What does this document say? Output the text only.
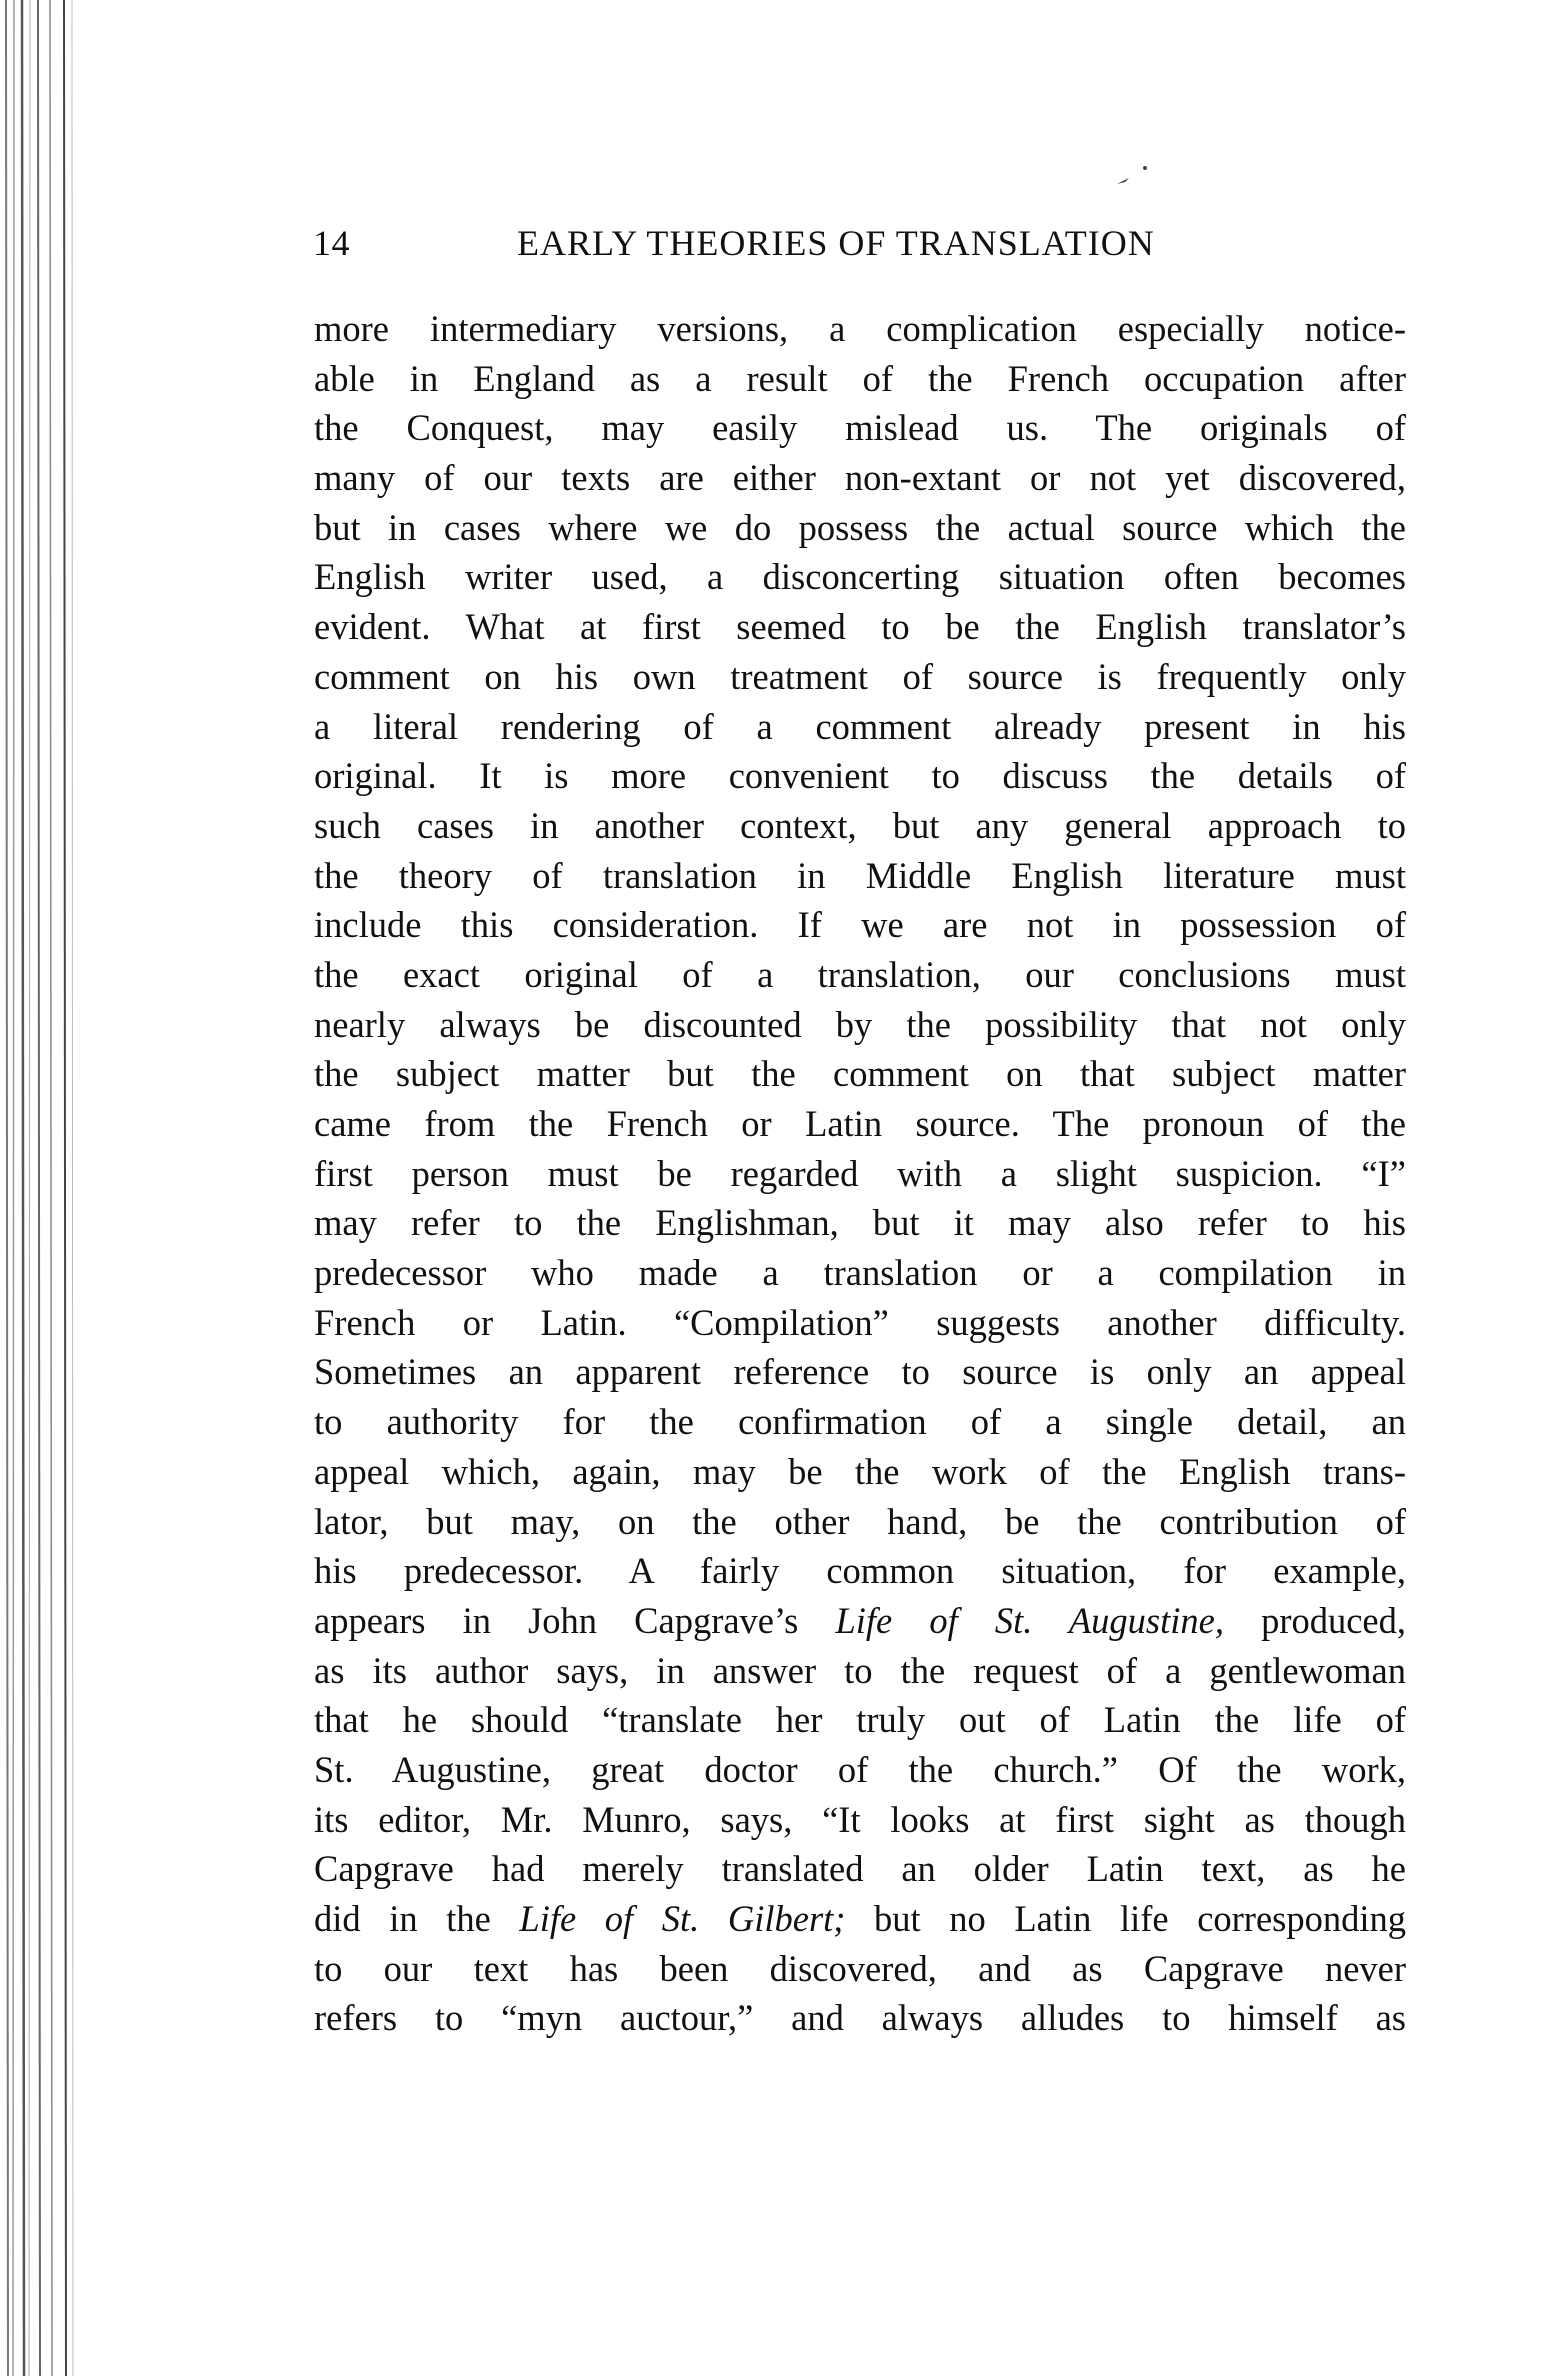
14	EARLY THEORIES OF TRANSLATION
more intermediary versions, a complication especially notice-
able in England as a result of the French occupation after
the Conquest, may easily mislead us. The originals of
many of our texts are either non-extant or not yet discovered,
but in cases where we do possess the actual source which the
English writer used, a disconcerting situation often becomes
evident. What at first seemed to be the English translator’s
comment on his own treatment of source is frequently only
a literal rendering of a comment already present in his
original. It is more convenient to discuss the details of
such cases in another context, but any general approach to
the theory of translation in Middle English literature must
include this consideration. If we are not in possession of
the exact original of a translation, our conclusions must
nearly always be discounted by the possibility that not only
the subject matter but the comment on that subject matter
came from the French or Latin source. The pronoun of the
first person must be regarded with a slight suspicion. “I”
may refer to the Englishman, but it may also refer to his
predecessor who made a translation or a compilation in
French or Latin. “Compilation” suggests another difficulty.
Sometimes an apparent reference to source is only an appeal
to authority for the confirmation of a single detail, an
appeal which, again, may be the work of the English trans-
lator, but may, on the other hand, be the contribution of
his predecessor. A fairly common situation, for example,
appears in John Capgrave’s Life of St. Augustine, produced,
as its author says, in answer to the request of a gentlewoman
that he should “translate her truly out of Latin the life of
St. Augustine, great doctor of the church.” Of the work,
its editor, Mr. Munro, says, “It looks at first sight as though
Capgrave had merely translated an older Latin text, as he
did in the Life of St. Gilbert; but no Latin life corresponding
to our text has been discovered, and as Capgrave never
refers to “myn auctour,” and always alludes to himself as
